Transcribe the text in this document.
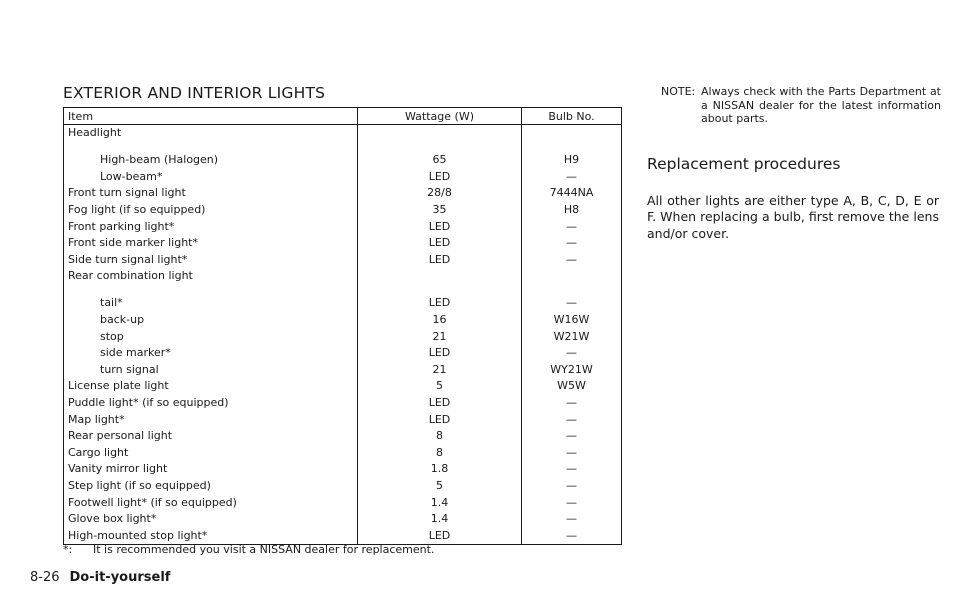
EXTERIOR AND INTERIOR LIGHTS
Item	Wattage (W)	Bulb No.
Headlight		

High-beam (Halogen)	65	H9
Low-beam*	LED	—
Front turn signal light	28/8	7444NA
Fog light (if so equipped)	35	H8
Front parking light*	LED	—
Front side marker light*	LED	—
Side turn signal light*	LED	—
Rear combination light		

tail*	LED	—
back-up	16	W16W
stop	21	W21W
side marker*	LED	—
turn signal	21	WY21W
License plate light	5	W5W
Puddle light* (if so equipped)	LED	—
Map light*	LED	—
Rear personal light	8	—
Cargo light	8	—
Vanity mirror light	1.8	—
Step light (if so equipped)	5	—
Footwell light* (if so equipped)	1.4	—
Glove box light*	1.4	—
High-mounted stop light*	LED	—
*: It is recommended you visit a NISSAN dealer for replacement.
8-26 Do-it-yourself
NOTE: Always check with the Parts Department at a NISSAN dealer for the latest information about parts.
Replacement procedures

All other lights are either type A, B, C, D, E or F. When replacing a bulb, first remove the lens and/or cover.
